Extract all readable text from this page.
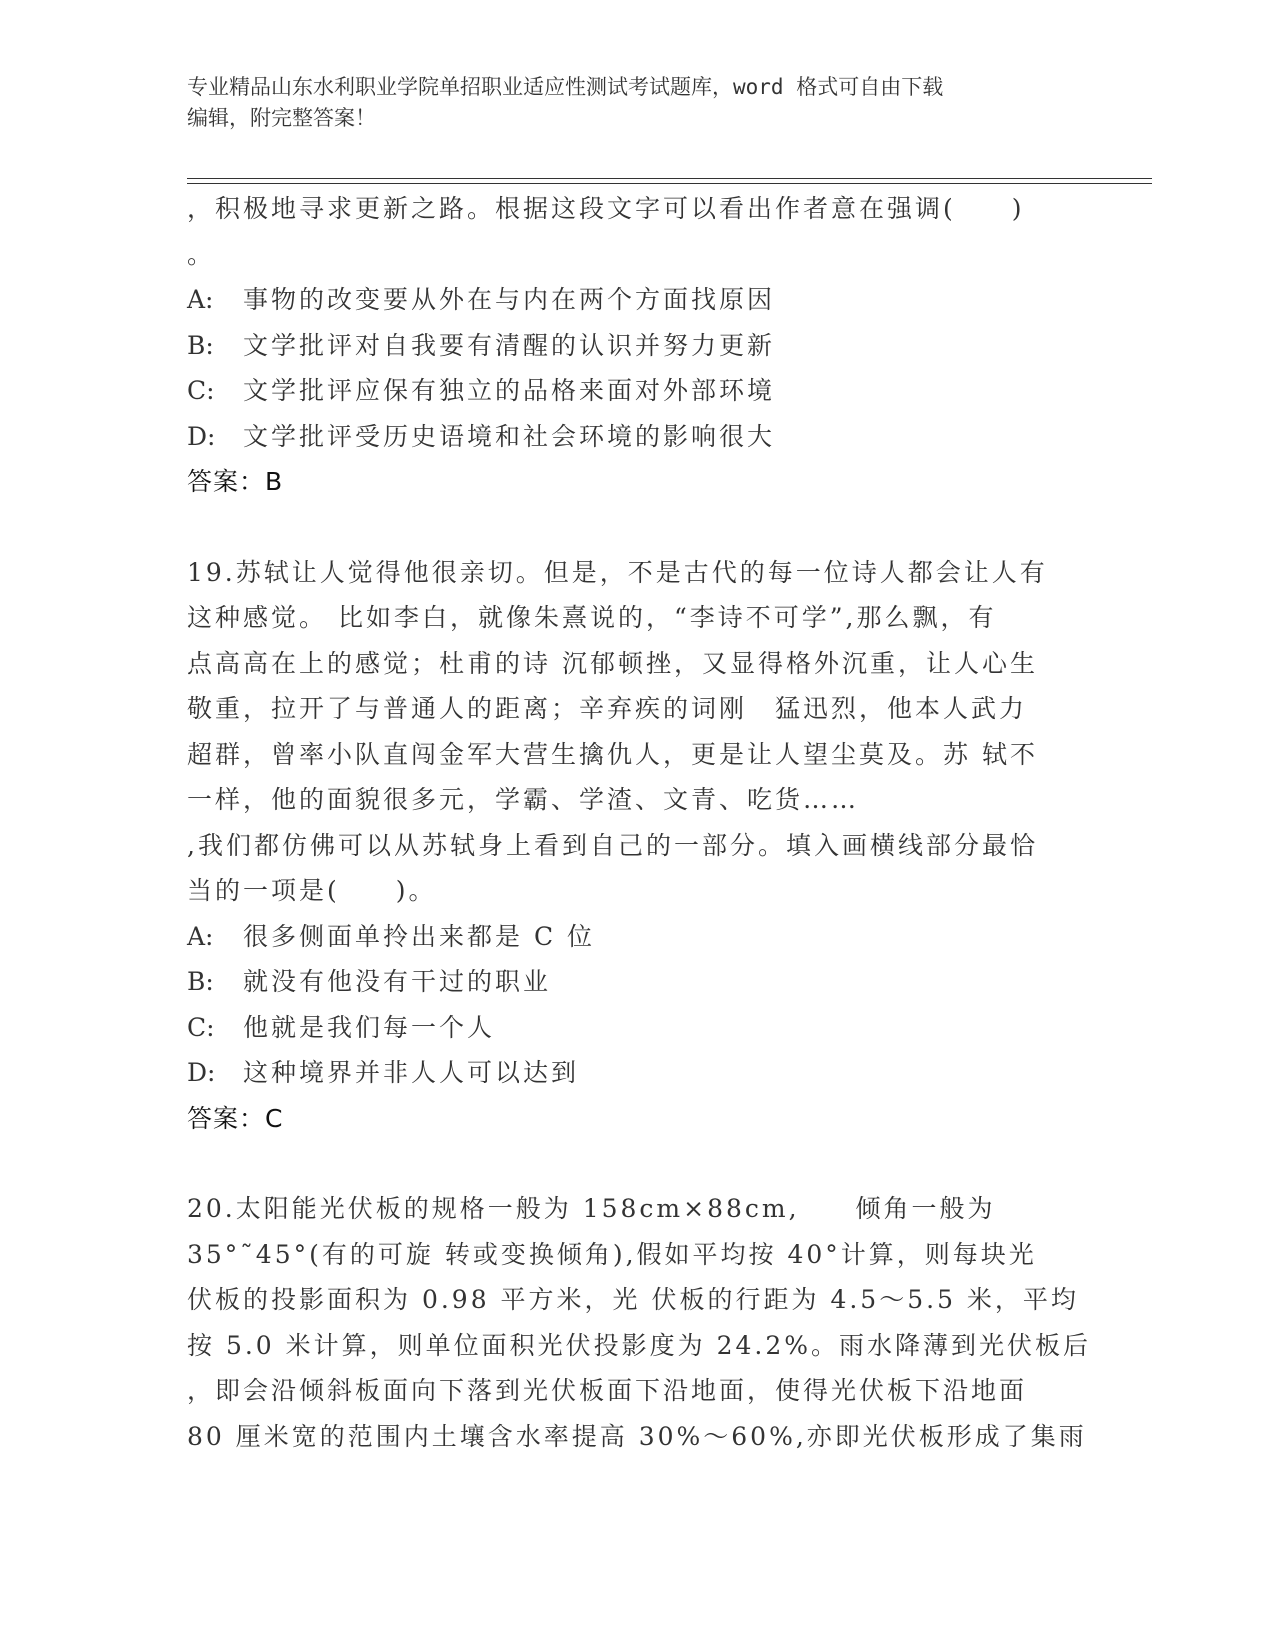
专业精品山东水利职业学院单招职业适应性测试考试题库，word 格式可自由下载
编辑，附完整答案！
，积极地寻求更新之路。根据这段文字可以看出作者意在强调(　　)
。
A: 事物的改变要从外在与内在两个方面找原因
B: 文学批评对自我要有清醒的认识并努力更新
C: 文学批评应保有独立的品格来面对外部环境
D: 文学批评受历史语境和社会环境的影响很大
答案：B
19.苏轼让人觉得他很亲切。但是，不是古代的每一位诗人都会让人有
这种感觉。 比如李白，就像朱熹说的，“李诗不可学”,那么飘，有
点高高在上的感觉；杜甫的诗 沉郁顿挫，又显得格外沉重，让人心生
敬重，拉开了与普通人的距离；辛弃疾的词刚　猛迅烈，他本人武力
超群，曾率小队直闯金军大营生擒仇人，更是让人望尘莫及。苏 轼不
一样，他的面貌很多元，学霸、学渣、文青、吃货……
,我们都仿佛可以从苏轼身上看到自己的一部分。填入画横线部分最恰
当的一项是(　　)。
A: 很多侧面单拎出来都是 C 位
B: 就没有他没有干过的职业
C: 他就是我们每一个人
D: 这种境界并非人人可以达到
答案：C
20.太阳能光伏板的规格一般为 158cm×88cm,　　倾角一般为
35°˜45°(有的可旋 转或变换倾角),假如平均按 40°计算，则每块光
伏板的投影面积为 0.98 平方米，光 伏板的行距为 4.5～5.5 米，平均
按 5.0 米计算，则单位面积光伏投影度为 24.2%。雨水降薄到光伏板后
，即会沿倾斜板面向下落到光伏板面下沿地面，使得光伏板下沿地面
80 厘米宽的范围内土壤含水率提高 30%～60%,亦即光伏板形成了集雨
